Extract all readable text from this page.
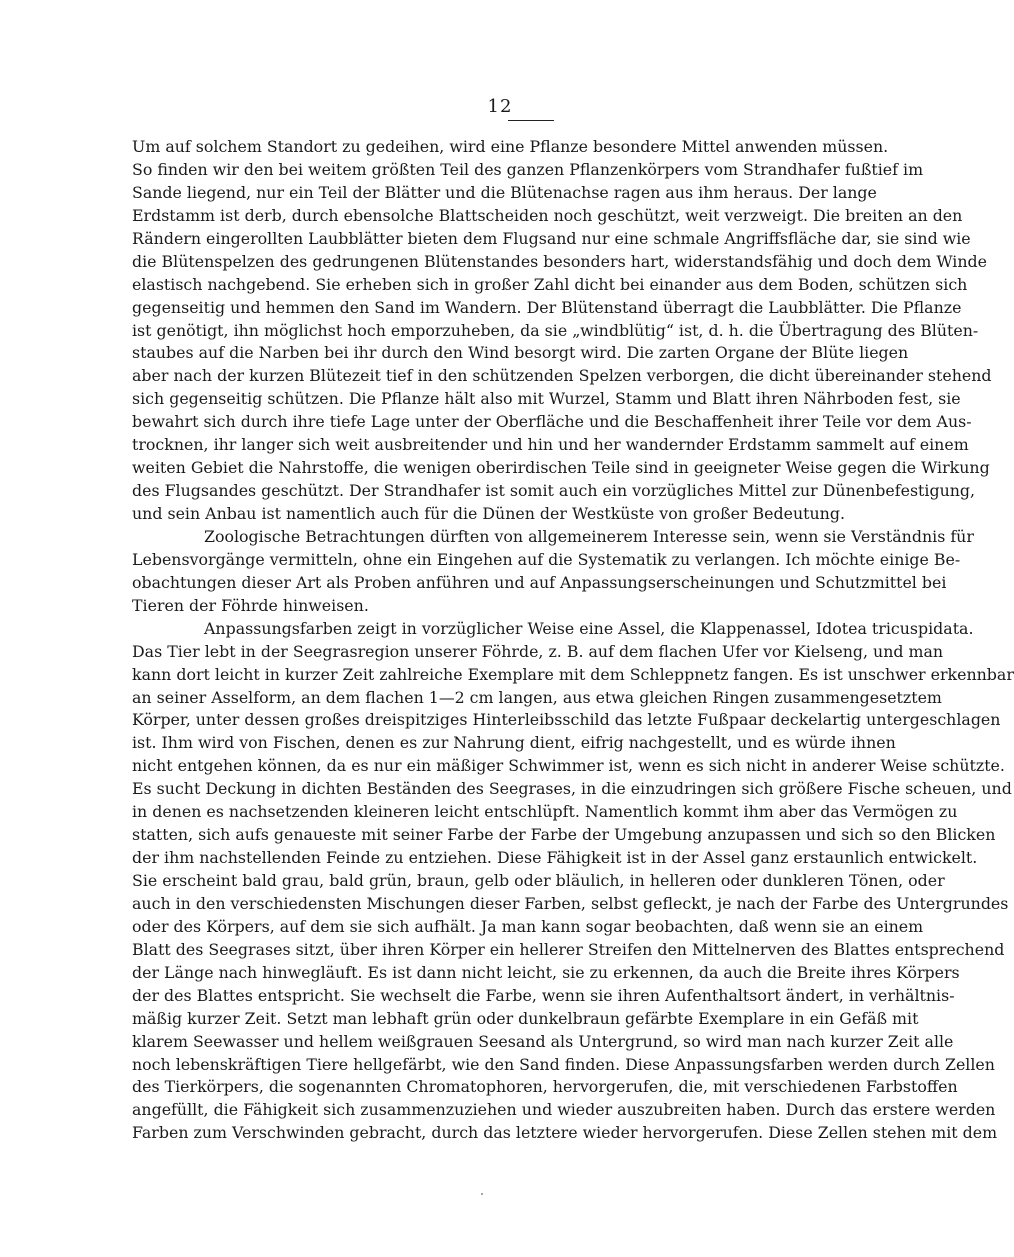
12
Um auf solchem Standort zu gedeihen, wird eine Pflanze besondere Mittel anwenden müssen.
So finden wir den bei weitem größten Teil des ganzen Pflanzenkörpers vom Strandhafer fußtief im
Sande liegend, nur ein Teil der Blätter und die Blütenachse ragen aus ihm heraus. Der lange
Erdstamm ist derb, durch ebensolche Blattscheiden noch geschützt, weit verzweigt. Die breiten an den
Rändern eingerollten Laubblätter bieten dem Flugsand nur eine schmale Angriffsfläche dar, sie sind wie
die Blütenspelzen des gedrungenen Blütenstandes besonders hart, widerstandsfähig und doch dem Winde
elastisch nachgebend. Sie erheben sich in großer Zahl dicht bei einander aus dem Boden, schützen sich
gegenseitig und hemmen den Sand im Wandern. Der Blütenstand überragt die Laubblätter. Die Pflanze
ist genötigt, ihn möglichst hoch emporzuheben, da sie „windblütig“ ist, d. h. die Übertragung des Blüten-
staubes auf die Narben bei ihr durch den Wind besorgt wird. Die zarten Organe der Blüte liegen
aber nach der kurzen Blütezeit tief in den schützenden Spelzen verborgen, die dicht übereinander stehend
sich gegenseitig schützen. Die Pflanze hält also mit Wurzel, Stamm und Blatt ihren Nährboden fest, sie
bewahrt sich durch ihre tiefe Lage unter der Oberfläche und die Beschaffenheit ihrer Teile vor dem Aus-
trocknen, ihr langer sich weit ausbreitender und hin und her wandernder Erdstamm sammelt auf einem
weiten Gebiet die Nahrstoffe, die wenigen oberirdischen Teile sind in geeigneter Weise gegen die Wirkung
des Flugsandes geschützt. Der Strandhafer ist somit auch ein vorzügliches Mittel zur Dünenbefestigung,
und sein Anbau ist namentlich auch für die Dünen der Westküste von großer Bedeutung.
Zoologische Betrachtungen dürften von allgemeinerem Interesse sein, wenn sie Verständnis für
Lebensvorgänge vermitteln, ohne ein Eingehen auf die Systematik zu verlangen. Ich möchte einige Be-
obachtungen dieser Art als Proben anführen und auf Anpassungserscheinungen und Schutzmittel bei
Tieren der Föhrde hinweisen.
Anpassungsfarben zeigt in vorzüglicher Weise eine Assel, die Klappenassel, Idotea tricuspidata.
Das Tier lebt in der Seegrasregion unserer Föhrde, z. B. auf dem flachen Ufer vor Kielseng, und man
kann dort leicht in kurzer Zeit zahlreiche Exemplare mit dem Schleppnetz fangen. Es ist unschwer erkennbar
an seiner Asselform, an dem flachen 1—2 cm langen, aus etwa gleichen Ringen zusammengesetztem
Körper, unter dessen großes dreispitziges Hinterleibsschild das letzte Fußpaar deckelartig untergeschlagen
ist. Ihm wird von Fischen, denen es zur Nahrung dient, eifrig nachgestellt, und es würde ihnen
nicht entgehen können, da es nur ein mäßiger Schwimmer ist, wenn es sich nicht in anderer Weise schützte.
Es sucht Deckung in dichten Beständen des Seegrases, in die einzudringen sich größere Fische scheuen, und
in denen es nachsetzenden kleineren leicht entschlüpft. Namentlich kommt ihm aber das Vermögen zu
statten, sich aufs genaueste mit seiner Farbe der Farbe der Umgebung anzupassen und sich so den Blicken
der ihm nachstellenden Feinde zu entziehen. Diese Fähigkeit ist in der Assel ganz erstaunlich entwickelt.
Sie erscheint bald grau, bald grün, braun, gelb oder bläulich, in helleren oder dunkleren Tönen, oder
auch in den verschiedensten Mischungen dieser Farben, selbst gefleckt, je nach der Farbe des Untergrundes
oder des Körpers, auf dem sie sich aufhält. Ja man kann sogar beobachten, daß wenn sie an einem
Blatt des Seegrases sitzt, über ihren Körper ein hellerer Streifen den Mittelnerven des Blattes entsprechend
der Länge nach hinwegläuft. Es ist dann nicht leicht, sie zu erkennen, da auch die Breite ihres Körpers
der des Blattes entspricht. Sie wechselt die Farbe, wenn sie ihren Aufenthaltsort ändert, in verhältnis-
mäßig kurzer Zeit. Setzt man lebhaft grün oder dunkelbraun gefärbte Exemplare in ein Gefäß mit
klarem Seewasser und hellem weißgrauen Seesand als Untergrund, so wird man nach kurzer Zeit alle
noch lebenskräftigen Tiere hellgefärbt, wie den Sand finden. Diese Anpassungsfarben werden durch Zellen
des Tierkörpers, die sogenannten Chromatophoren, hervorgerufen, die, mit verschiedenen Farbstoffen
angefüllt, die Fähigkeit sich zusammenzuziehen und wieder auszubreiten haben. Durch das erstere werden
Farben zum Verschwinden gebracht, durch das letztere wieder hervorgerufen. Diese Zellen stehen mit dem
